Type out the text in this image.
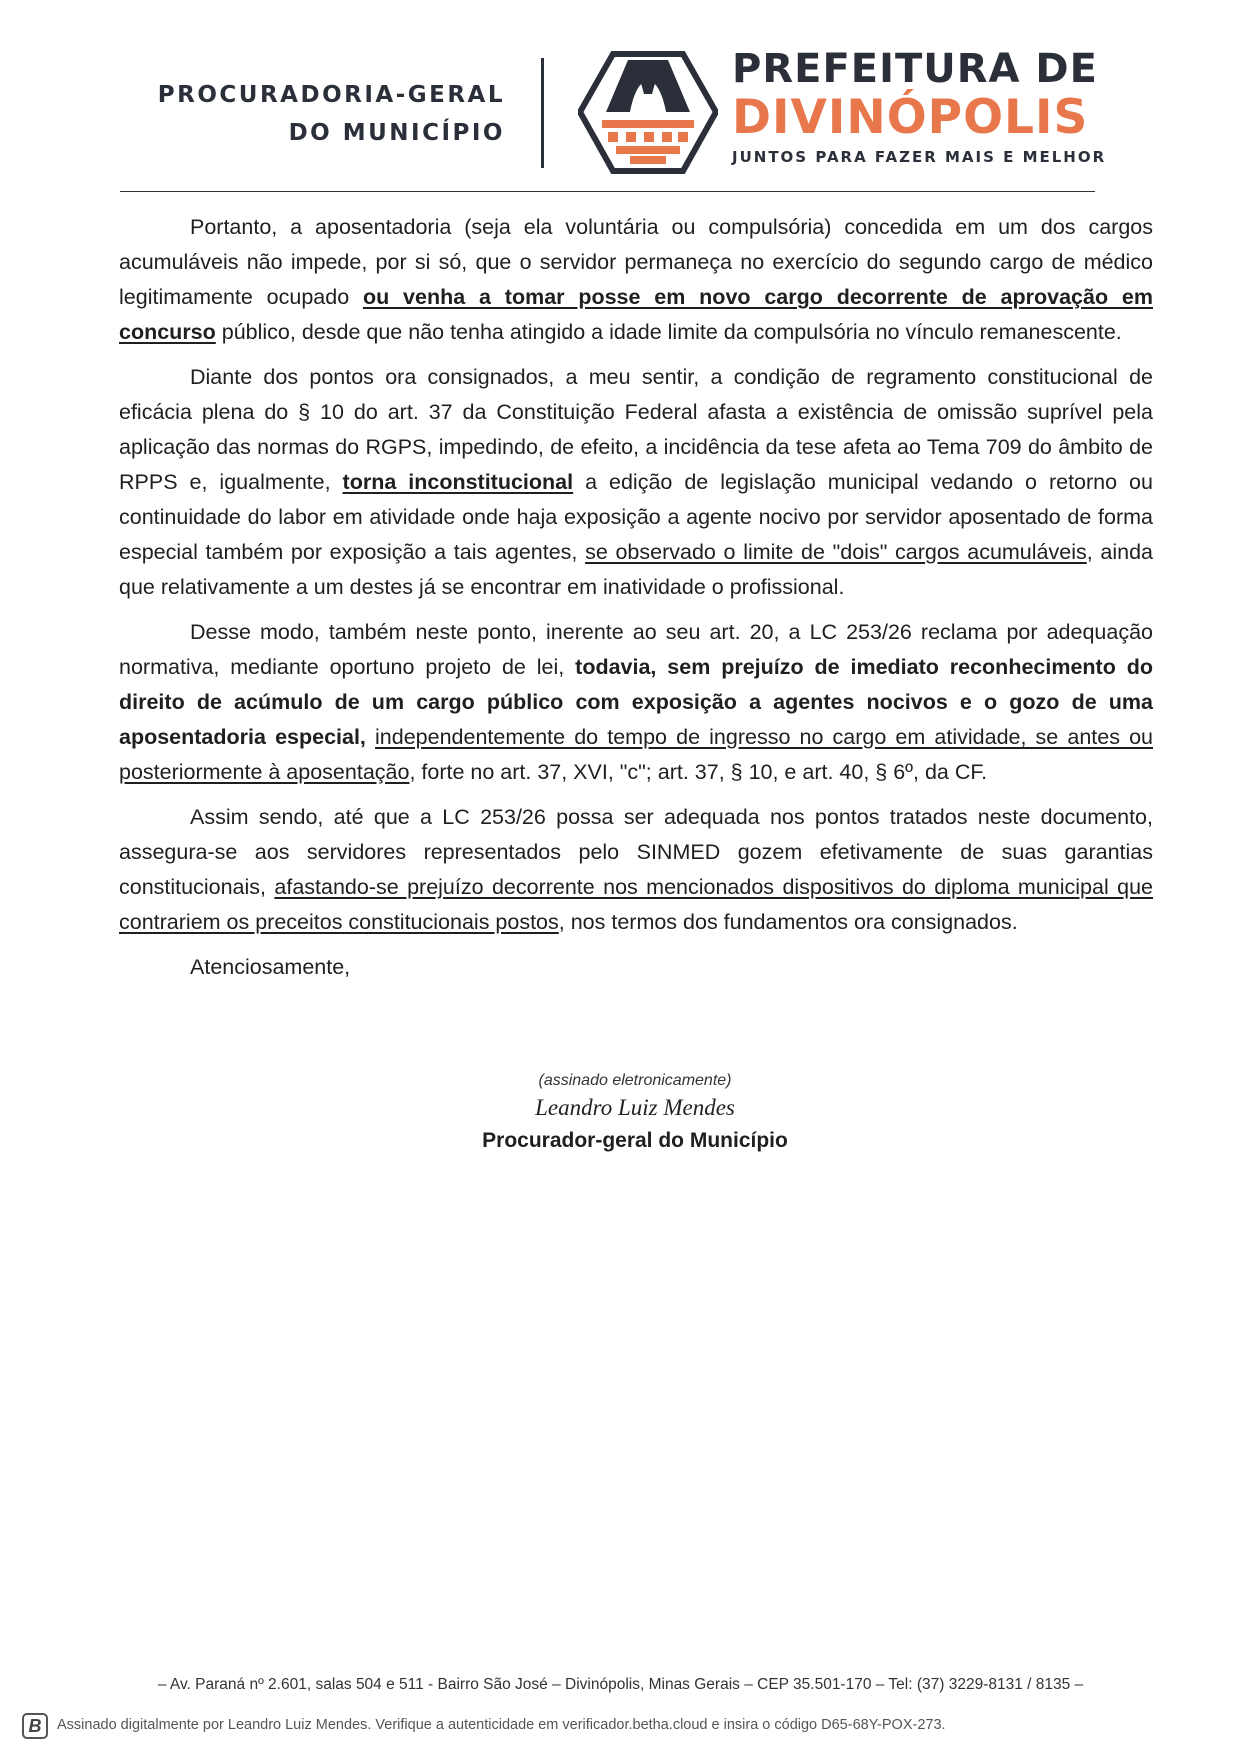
PROCURADORIA-GERAL
DO MUNICÍPIO
PREFEITURA DE
DIVINÓPOLIS
JUNTOS PARA FAZER MAIS E MELHOR

Portanto, a aposentadoria (seja ela voluntária ou compulsória) concedida em um dos cargos acumuláveis não impede, por si só, que o servidor permaneça no exercício do segundo cargo de médico legitimamente ocupado ou venha a tomar posse em novo cargo decorrente de aprovação em concurso público, desde que não tenha atingido a idade limite da compulsória no vínculo remanescente.

Diante dos pontos ora consignados, a meu sentir, a condição de regramento constitucional de eficácia plena do § 10 do art. 37 da Constituição Federal afasta a existência de omissão suprível pela aplicação das normas do RGPS, impedindo, de efeito, a incidência da tese afeta ao Tema 709 do âmbito de RPPS e, igualmente, torna inconstitucional a edição de legislação municipal vedando o retorno ou continuidade do labor em atividade onde haja exposição a agente nocivo por servidor aposentado de forma especial também por exposição a tais agentes, se observado o limite de "dois" cargos acumuláveis, ainda que relativamente a um destes já se encontrar em inatividade o profissional.

Desse modo, também neste ponto, inerente ao seu art. 20, a LC 253/26 reclama por adequação normativa, mediante oportuno projeto de lei, todavia, sem prejuízo de imediato reconhecimento do direito de acúmulo de um cargo público com exposição a agentes nocivos e o gozo de uma aposentadoria especial, independentemente do tempo de ingresso no cargo em atividade, se antes ou posteriormente à aposentação, forte no art. 37, XVI, "c"; art. 37, § 10, e art. 40, § 6º, da CF.

Assim sendo, até que a LC 253/26 possa ser adequada nos pontos tratados neste documento, assegura-se aos servidores representados pelo SINMED gozem efetivamente de suas garantias constitucionais, afastando-se prejuízo decorrente nos mencionados dispositivos do diploma municipal que contrariem os preceitos constitucionais postos, nos termos dos fundamentos ora consignados.

Atenciosamente,

(assinado eletronicamente)
Leandro Luiz Mendes
Procurador-geral do Município
– Av. Paraná nº 2.601, salas 504 e 511 - Bairro São José – Divinópolis, Minas Gerais – CEP 35.501-170 – Tel: (37) 3229-8131 / 8135 –

B	Assinado digitalmente por Leandro Luiz Mendes. Verifique a autenticidade em verificador.betha.cloud e insira o código D65-68Y-POX-273.
